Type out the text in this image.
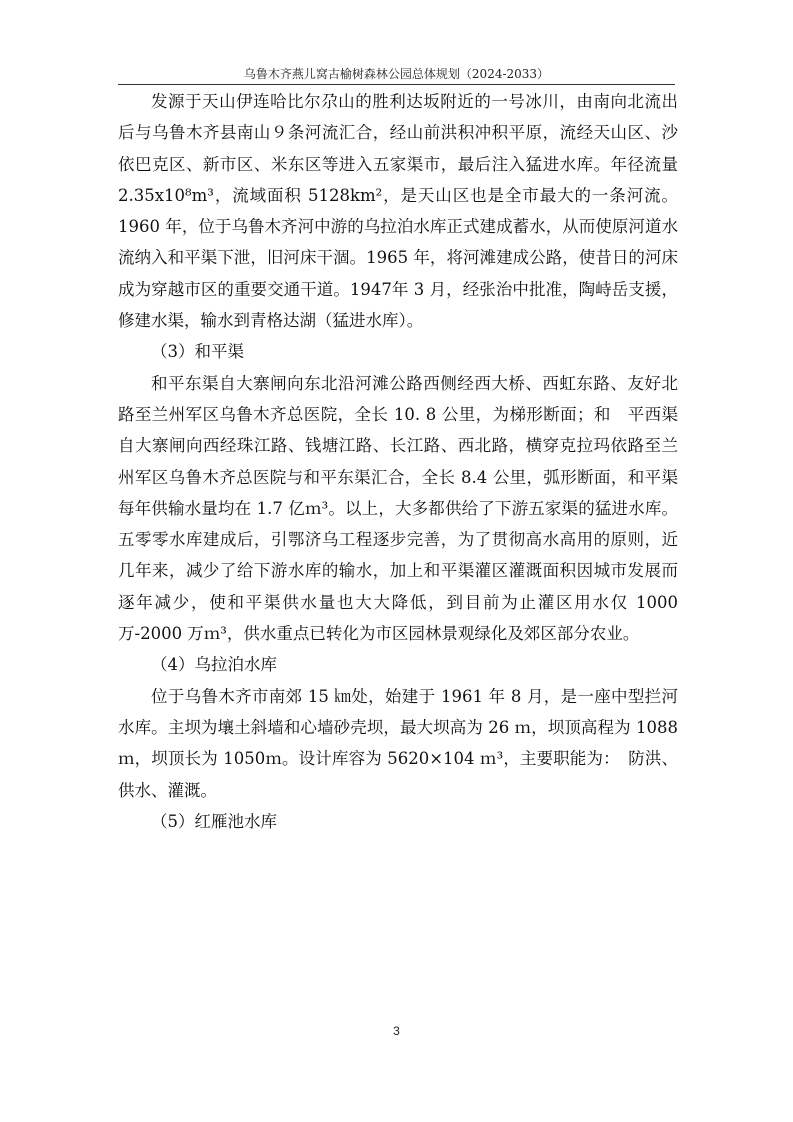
乌鲁木齐燕儿窝古榆树森林公园总体规划（2024-2033）

发源于天山伊连哈比尔尕山的胜利达坂附近的一号冰川，由南向北流出后与乌鲁木齐县南山９条河流汇合，经山前洪积冲积平原，流经天山区、沙依巴克区、新市区、米东区等进入五家渠市，最后注入猛进水库。年径流量 2.35x10⁸m³，流域面积 5128km²，是天山区也是全市最大的一条河流。1960 年，位于乌鲁木齐河中游的乌拉泊水库正式建成蓄水，从而使原河道水流纳入和平渠下泄，旧河床干涸。1965 年，将河滩建成公路，使昔日的河床成为穿越市区的重要交通干道。1947年 3 月，经张治中批准，陶峙岳支援，修建水渠，输水到青格达湖（猛进水库）。

（3）和平渠

和平东渠自大寨闸向东北沿河滩公路西侧经西大桥、西虹东路、友好北路至兰州军区乌鲁木齐总医院，全长 10. 8 公里，为梯形断面；和　平西渠自大寨闸向西经珠江路、钱塘江路、长江路、西北路，横穿克拉玛依路至兰州军区乌鲁木齐总医院与和平东渠汇合，全长 8.4 公里，弧形断面，和平渠每年供输水量均在 1.7 亿ｍ³。以上，大多都供给了下游五家渠的猛进水库。五零零水库建成后，引鄂济乌工程逐步完善，为了贯彻高水高用的原则，近几年来，减少了给下游水库的输水，加上和平渠灌区灌溉面积因城市发展而逐年减少，使和平渠供水量也大大降低，到目前为止灌区用水仅 1000 万-2000 万ｍ³，供水重点已转化为市区园林景观绿化及郊区部分农业。

（4）乌拉泊水库

位于乌鲁木齐市南郊 15 ㎞处，始建于 1961 年 8 月，是一座中型拦河水库。主坝为壤土斜墙和心墙砂壳坝，最大坝高为 26 ｍ，坝顶高程为 1088 ｍ，坝顶长为 1050ｍ。设计库容为 5620×104 ｍ³，主要职能为：　防洪、供水、灌溉。

（5）红雁池水库

3
